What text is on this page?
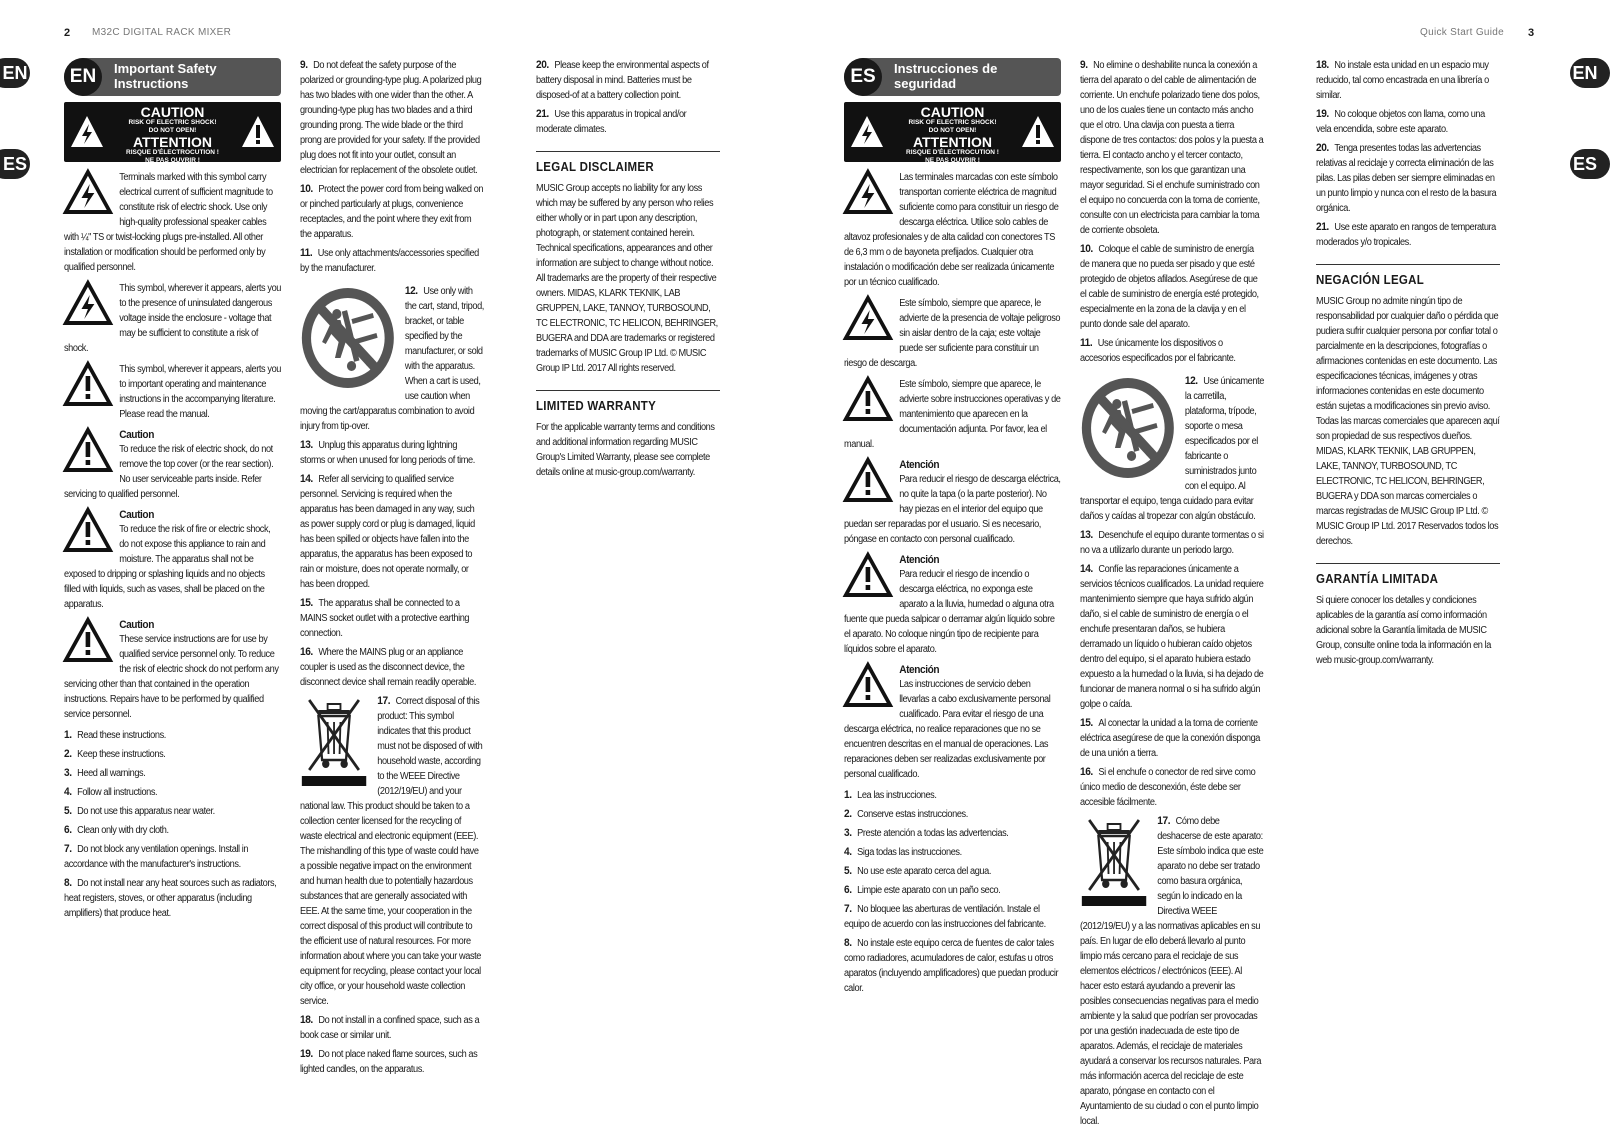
2 M32C DIGITAL RACK MIXER	Quick Start Guide 3
EN
ES
EN
ES
EN	Important Safety Instructions
CAUTION
RISK OF ELECTRIC SHOCK!
DO NOT OPEN!
ATTENTION
RISQUE D'ÉLECTROCUTION !
NE PAS OUVRIR !
Terminals marked with this symbol carry electrical current of sufficient magnitude to constitute risk of electric shock. Use only high-quality professional speaker cables with ¼" TS or twist-locking plugs pre-installed. All other installation or modification should be performed only by qualified personnel.
This symbol, wherever it appears, alerts you to the presence of uninsulated dangerous voltage inside the enclosure - voltage that may be sufficient to constitute a risk of shock.
This symbol, wherever it appears, alerts you to important operating and maintenance instructions in the accompanying literature. Please read the manual.
Caution
To reduce the risk of electric shock, do not remove the top cover (or the rear section). No user serviceable parts inside. Refer servicing to qualified personnel.
Caution
To reduce the risk of fire or electric shock, do not expose this appliance to rain and moisture. The apparatus shall not be exposed to dripping or splashing liquids and no objects filled with liquids, such as vases, shall be placed on the apparatus.
Caution
These service instructions are for use by qualified service personnel only. To reduce the risk of electric shock do not perform any servicing other than that contained in the operation instructions. Repairs have to be performed by qualified service personnel.
1. Read these instructions.
2. Keep these instructions.
3. Heed all warnings.
4. Follow all instructions.
5. Do not use this apparatus near water.
6. Clean only with dry cloth.
7. Do not block any ventilation openings. Install in accordance with the manufacturer's instructions.
8. Do not install near any heat sources such as radiators, heat registers, stoves, or other apparatus (including amplifiers) that produce heat.
9. Do not defeat the safety purpose of the polarized or grounding-type plug. A polarized plug has two blades with one wider than the other. A grounding-type plug has two blades and a third grounding prong. The wide blade or the third prong are provided for your safety. If the provided plug does not fit into your outlet, consult an electrician for replacement of the obsolete outlet.
10. Protect the power cord from being walked on or pinched particularly at plugs, convenience receptacles, and the point where they exit from the apparatus.
11. Use only attachments/accessories specified by the manufacturer.
12. Use only with the cart, stand, tripod, bracket, or table specified by the manufacturer, or sold with the apparatus. When a cart is used, use caution when moving the cart/apparatus combination to avoid injury from tip-over.
13. Unplug this apparatus during lightning storms or when unused for long periods of time.
14. Refer all servicing to qualified service personnel. Servicing is required when the apparatus has been damaged in any way, such as power supply cord or plug is damaged, liquid has been spilled or objects have fallen into the apparatus, the apparatus has been exposed to rain or moisture, does not operate normally, or has been dropped.
15. The apparatus shall be connected to a MAINS socket outlet with a protective earthing connection.
16. Where the MAINS plug or an appliance coupler is used as the disconnect device, the disconnect device shall remain readily operable.
17. Correct disposal of this product: This symbol indicates that this product must not be disposed of with household waste, according to the WEEE Directive (2012/19/EU) and your national law. This product should be taken to a collection center licensed for the recycling of waste electrical and electronic equipment (EEE). The mishandling of this type of waste could have a possible negative impact on the environment and human health due to potentially hazardous substances that are generally associated with EEE. At the same time, your cooperation in the correct disposal of this product will contribute to the efficient use of natural resources. For more information about where you can take your waste equipment for recycling, please contact your local city office, or your household waste collection service.
18. Do not install in a confined space, such as a book case or similar unit.
19. Do not place naked flame sources, such as lighted candles, on the apparatus.
20. Please keep the environmental aspects of battery disposal in mind. Batteries must be disposed-of at a battery collection point.
21. Use this apparatus in tropical and/or moderate climates.
LEGAL DISCLAIMER
MUSIC Group accepts no liability for any loss which may be suffered by any person who relies either wholly or in part upon any description, photograph, or statement contained herein. Technical specifications, appearances and other information are subject to change without notice. All trademarks are the property of their respective owners. MIDAS, KLARK TEKNIK, LAB GRUPPEN, LAKE, TANNOY, TURBOSOUND, TC ELECTRONIC, TC HELICON, BEHRINGER, BUGERA and DDA are trademarks or registered trademarks of MUSIC Group IP Ltd. © MUSIC Group IP Ltd. 2017 All rights reserved.
LIMITED WARRANTY
For the applicable warranty terms and conditions and additional information regarding MUSIC Group's Limited Warranty, please see complete details online at music-group.com/warranty.
ES	Instrucciones de seguridad
CAUTION
RISK OF ELECTRIC SHOCK!
DO NOT OPEN!
ATTENTION
RISQUE D'ÉLECTROCUTION !
NE PAS OUVRIR !
Las terminales marcadas con este símbolo transportan corriente eléctrica de magnitud suficiente como para constituir un riesgo de descarga eléctrica. Utilice solo cables de altavoz profesionales y de alta calidad con conectores TS de 6,3 mm o de bayoneta prefijados. Cualquier otra instalación o modificación debe ser realizada únicamente por un técnico cualificado.
Este símbolo, siempre que aparece, le advierte de la presencia de voltaje peligroso sin aislar dentro de la caja; este voltaje puede ser suficiente para constituir un riesgo de descarga.
Este símbolo, siempre que aparece, le advierte sobre instrucciones operativas y de mantenimiento que aparecen en la documentación adjunta. Por favor, lea el manual.
Atención
Para reducir el riesgo de descarga eléctrica, no quite la tapa (o la parte posterior). No hay piezas en el interior del equipo que puedan ser reparadas por el usuario. Si es necesario, póngase en contacto con personal cualificado.
Atención
Para reducir el riesgo de incendio o descarga eléctrica, no exponga este aparato a la lluvia, humedad o alguna otra fuente que pueda salpicar o derramar algún líquido sobre el aparato. No coloque ningún tipo de recipiente para líquidos sobre el aparato.
Atención
Las instrucciones de servicio deben llevarlas a cabo exclusivamente personal cualificado. Para evitar el riesgo de una descarga eléctrica, no realice reparaciones que no se encuentren descritas en el manual de operaciones. Las reparaciones deben ser realizadas exclusivamente por personal cualificado.
1. Lea las instrucciones.
2. Conserve estas instrucciones.
3. Preste atención a todas las advertencias.
4. Siga todas las instrucciones.
5. No use este aparato cerca del agua.
6. Limpie este aparato con un paño seco.
7. No bloquee las aberturas de ventilación. Instale el equipo de acuerdo con las instrucciones del fabricante.
8. No instale este equipo cerca de fuentes de calor tales como radiadores, acumuladores de calor, estufas u otros aparatos (incluyendo amplificadores) que puedan producir calor.
9. No elimine o deshabilite nunca la conexión a tierra del aparato o del cable de alimentación de corriente. Un enchufe polarizado tiene dos polos, uno de los cuales tiene un contacto más ancho que el otro. Una clavija con puesta a tierra dispone de tres contactos: dos polos y la puesta a tierra. El contacto ancho y el tercer contacto, respectivamente, son los que garantizan una mayor seguridad. Si el enchufe suministrado con el equipo no concuerda con la toma de corriente, consulte con un electricista para cambiar la toma de corriente obsoleta.
10. Coloque el cable de suministro de energía de manera que no pueda ser pisado y que esté protegido de objetos afilados. Asegúrese de que el cable de suministro de energía esté protegido, especialmente en la zona de la clavija y en el punto donde sale del aparato.
11. Use únicamente los dispositivos o accesorios especificados por el fabricante.
12. Use únicamente la carretilla, plataforma, trípode, soporte o mesa especificados por el fabricante o suministrados junto con el equipo. Al transportar el equipo, tenga cuidado para evitar daños y caídas al tropezar con algún obstáculo.
13. Desenchufe el equipo durante tormentas o si no va a utilizarlo durante un periodo largo.
14. Confíe las reparaciones únicamente a servicios técnicos cualificados. La unidad requiere mantenimiento siempre que haya sufrido algún daño, si el cable de suministro de energía o el enchufe presentaran daños, se hubiera derramado un líquido o hubieran caído objetos dentro del equipo, si el aparato hubiera estado expuesto a la humedad o la lluvia, si ha dejado de funcionar de manera normal o si ha sufrido algún golpe o caída.
15. Al conectar la unidad a la toma de corriente eléctrica asegúrese de que la conexión disponga de una unión a tierra.
16. Si el enchufe o conector de red sirve como único medio de desconexión, éste debe ser accesible fácilmente.
17. Cómo debe deshacerse de este aparato: Este símbolo indica que este aparato no debe ser tratado como basura orgánica, según lo indicado en la Directiva WEEE (2012/19/EU) y a las normativas aplicables en su país. En lugar de ello deberá llevarlo al punto limpio más cercano para el reciclaje de sus elementos eléctricos / electrónicos (EEE). Al hacer esto estará ayudando a prevenir las posibles consecuencias negativas para el medio ambiente y la salud que podrían ser provocadas por una gestión inadecuada de este tipo de aparatos. Además, el reciclaje de materiales ayudará a conservar los recursos naturales. Para más información acerca del reciclaje de este aparato, póngase en contacto con el Ayuntamiento de su ciudad o con el punto limpio local.
18. No instale esta unidad en un espacio muy reducido, tal como encastrada en una librería o similar.
19. No coloque objetos con llama, como una vela encendida, sobre este aparato.
20. Tenga presentes todas las advertencias relativas al reciclaje y correcta eliminación de las pilas. Las pilas deben ser siempre eliminadas en un punto limpio y nunca con el resto de la basura orgánica.
21. Use este aparato en rangos de temperatura moderados y/o tropicales.
NEGACIÓN LEGAL
MUSIC Group no admite ningún tipo de responsabilidad por cualquier daño o pérdida que pudiera sufrir cualquier persona por confiar total o parcialmente en la descripciones, fotografías o afirmaciones contenidas en este documento. Las especificaciones técnicas, imágenes y otras informaciones contenidas en este documento están sujetas a modificaciones sin previo aviso. Todas las marcas comerciales que aparecen aquí son propiedad de sus respectivos dueños. MIDAS, KLARK TEKNIK, LAB GRUPPEN, LAKE, TANNOY, TURBOSOUND, TC ELECTRONIC, TC HELICON, BEHRINGER, BUGERA y DDA son marcas comerciales o marcas registradas de MUSIC Group IP Ltd. © MUSIC Group IP Ltd. 2017 Reservados todos los derechos.
GARANTÍA LIMITADA
Si quiere conocer los detalles y condiciones aplicables de la garantía así como información adicional sobre la Garantía limitada de MUSIC Group, consulte online toda la información en la web music-group.com/warranty.
